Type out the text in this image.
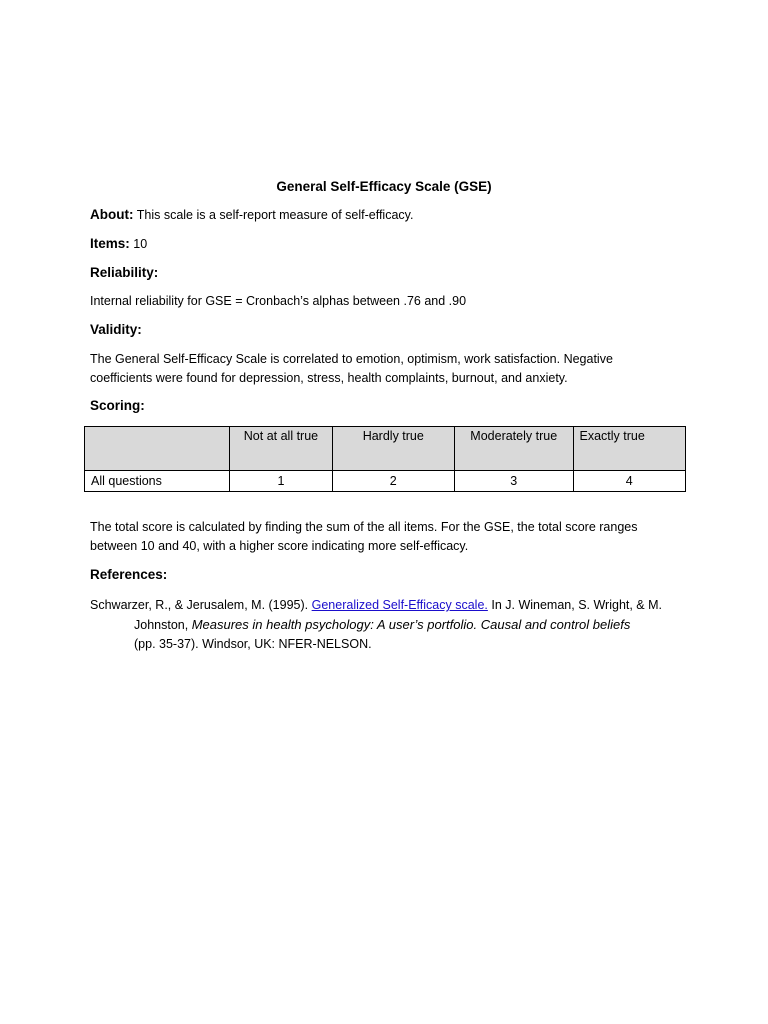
General Self-Efficacy Scale (GSE)
About: This scale is a self-report measure of self-efficacy.
Items: 10
Reliability:
Internal reliability for GSE = Cronbach’s alphas between .76 and .90
Validity:
The General Self-Efficacy Scale is correlated to emotion, optimism, work satisfaction. Negative coefficients were found for depression, stress, health complaints, burnout, and anxiety.
Scoring:
	Not at all true	Hardly true	Moderately true	Exactly true
All questions	1	2	3	4
The total score is calculated by finding the sum of the all items. For the GSE, the total score ranges between 10 and 40, with a higher score indicating more self-efficacy.
References:
Schwarzer, R., & Jerusalem, M. (1995). Generalized Self-Efficacy scale. In J. Wineman, S. Wright, & M.
Johnston, Measures in health psychology: A user’s portfolio. Causal and control beliefs
(pp. 35-37). Windsor, UK: NFER-NELSON.
